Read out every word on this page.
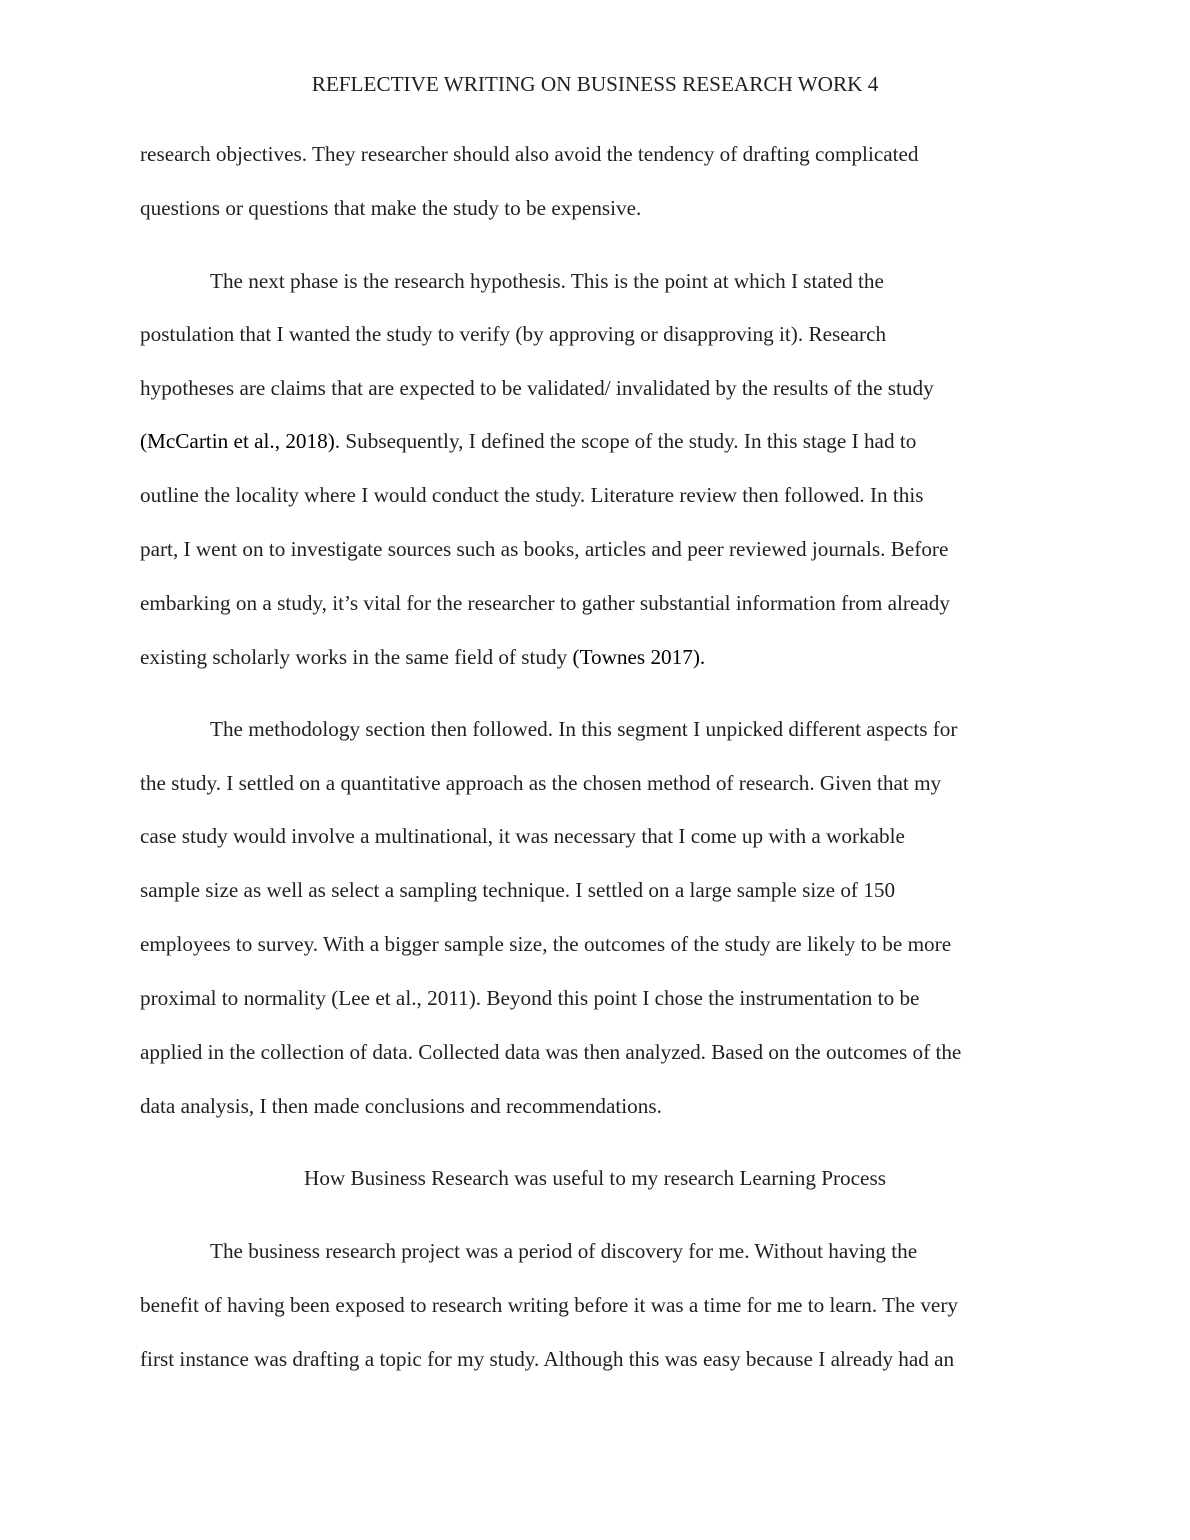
REFLECTIVE WRITING ON BUSINESS RESEARCH WORK 4
research objectives. They researcher should also avoid the tendency of drafting complicated
questions or questions that make the study to be expensive.
The next phase is the research hypothesis. This is the point at which I stated the
postulation that I wanted the study to verify (by approving or disapproving it). Research
hypotheses are claims that are expected to be validated/ invalidated by the results of the study
(McCartin et al., 2018). Subsequently, I defined the scope of the study. In this stage I had to
outline the locality where I would conduct the study. Literature review then followed. In this
part, I went on to investigate sources such as books, articles and peer reviewed journals. Before
embarking on a study, it’s vital for the researcher to gather substantial information from already
existing scholarly works in the same field of study (Townes 2017).
The methodology section then followed. In this segment I unpicked different aspects for
the study. I settled on a quantitative approach as the chosen method of research. Given that my
case study would involve a multinational, it was necessary that I come up with a workable
sample size as well as select a sampling technique. I settled on a large sample size of 150
employees to survey. With a bigger sample size, the outcomes of the study are likely to be more
proximal to normality (Lee et al., 2011). Beyond this point I chose the instrumentation to be
applied in the collection of data. Collected data was then analyzed. Based on the outcomes of the
data analysis, I then made conclusions and recommendations.
How Business Research was useful to my research Learning Process
The business research project was a period of discovery for me. Without having the
benefit of having been exposed to research writing before it was a time for me to learn. The very
first instance was drafting a topic for my study. Although this was easy because I already had an
